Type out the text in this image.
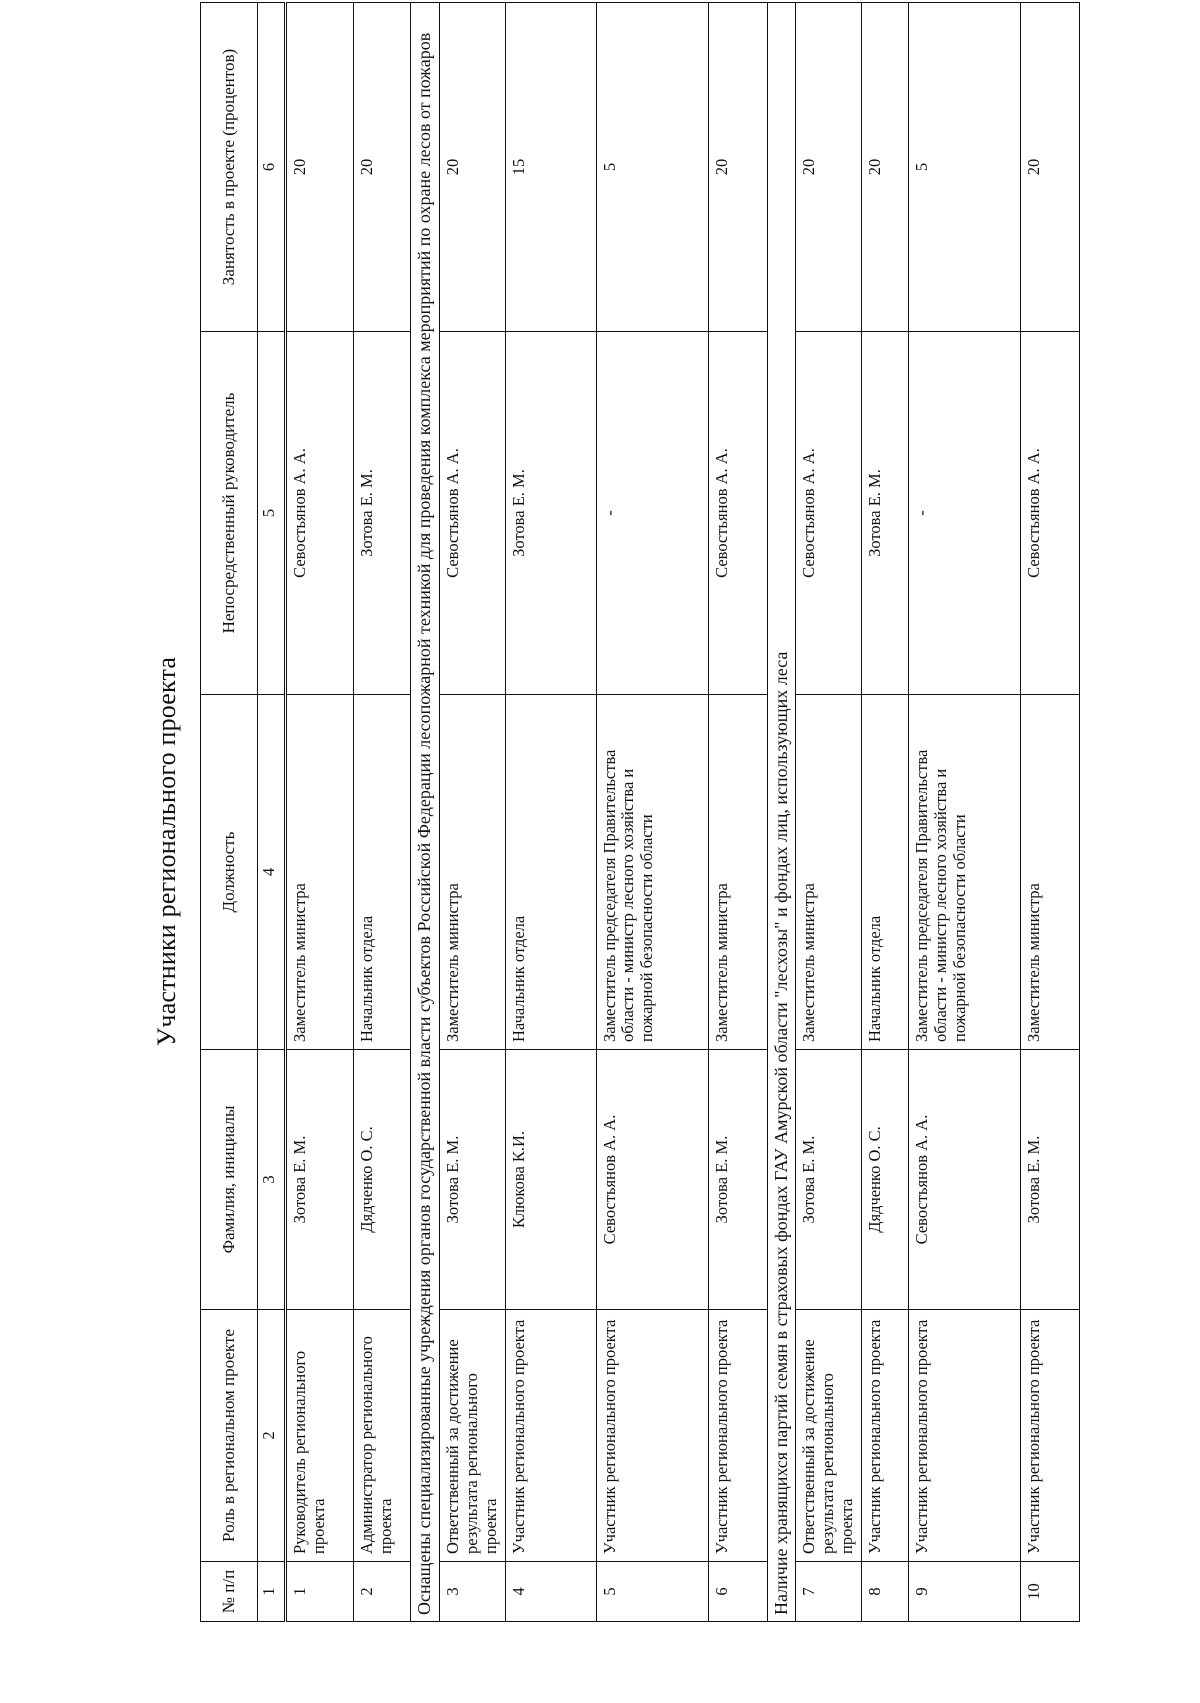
Участники регионального проекта
№ п/п	Роль в региональном проекте	Фамилия, инициалы	Должность	Непосредственный руководитель	Занятость в проекте (процентов)
1	2	3	4	5	6
1	Руководитель регионального проекта	Зотова Е. М.	Заместитель министра	Севостьянов А. А.	20
2	Администратор регионального проекта	Дядченко О. С.	Начальник отдела	Зотова Е. М.	20
Оснащены специализированные учреждения органов государственной власти субъектов Российской Федерации лесопожарной техникой для проведения комплекса мероприятий по охране лесов от пожаров					
3	Ответственный за достижение результата регионального проекта	Зотова Е. М.	Заместитель министра	Севостьянов А. А.	20
4	Участник регионального проекта	Клюкова К.И.	Начальник отдела	Зотова Е. М.	15
5	Участник регионального проекта	Севостьянов А. А.	Заместитель председателя Правительства области - министр лесного хозяйства и пожарной безопасности области	-	5
6	Участник регионального проекта	Зотова Е. М.	Заместитель министра	Севостьянов А. А.	20
Наличие хранящихся партий семян в страховых фондах ГАУ Амурской области "лесхозы" и фондах лиц, использующих леса					
7	Ответственный за достижение результата регионального проекта	Зотова Е. М.	Заместитель министра	Севостьянов А. А.	20
8	Участник регионального проекта	Дядченко О. С.	Начальник отдела	Зотова Е. М.	20
9	Участник регионального проекта	Севостьянов А. А.	Заместитель председателя Правительства области - министр лесного хозяйства и пожарной безопасности области	-	5
10	Участник регионального проекта	Зотова Е. М.	Заместитель министра	Севостьянов А. А.	20
